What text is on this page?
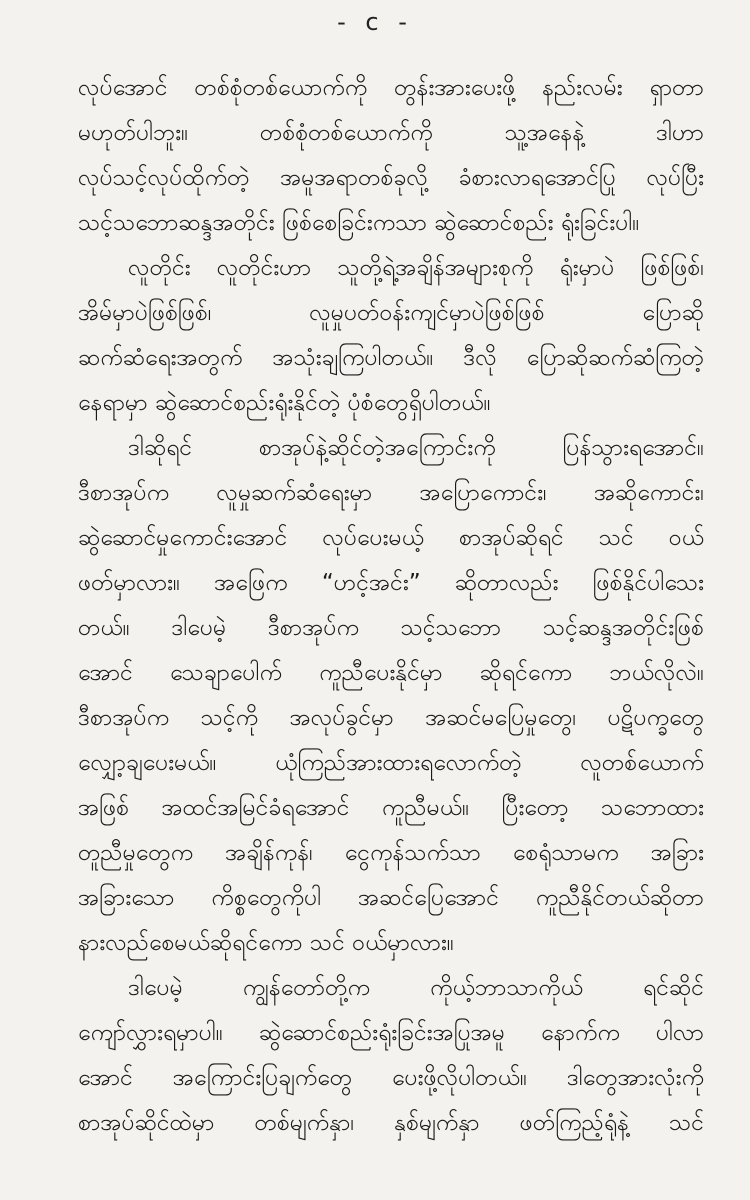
- c -
လုပ်အောင် တစ်စုံတစ်ယောက်ကို တွန်းအားပေးဖို့ နည်းလမ်း ရှာတာ
မဟုတ်ပါဘူး။ တစ်စုံတစ်ယောက်ကို သူ့အနေနဲ့ ဒါဟာ
လုပ်သင့်လုပ်ထိုက်တဲ့ အမူအရာတစ်ခုလို့ ခံစားလာရအောင်ပြု လုပ်ပြီး
သင့်သဘောဆန္ဒအတိုင်း ဖြစ်စေခြင်းကသာ ဆွဲဆောင်စည်း ရုံးခြင်းပါ။
လူတိုင်း လူတိုင်းဟာ သူတို့ရဲ့အချိန်အများစုကို ရုံးမှာပဲ ဖြစ်ဖြစ်၊
အိမ်မှာပဲဖြစ်ဖြစ်၊ လူမှုပတ်ဝန်းကျင်မှာပဲဖြစ်ဖြစ် ပြောဆို
ဆက်ဆံရေးအတွက် အသုံးချကြပါတယ်။ ဒီလို ပြောဆိုဆက်ဆံကြတဲ့
နေရာမှာ ဆွဲဆောင်စည်းရုံးနိုင်တဲ့ ပုံစံတွေရှိပါတယ်။
ဒါဆိုရင် စာအုပ်နဲ့ဆိုင်တဲ့အကြောင်းကို ပြန်သွားရအောင်။
ဒီစာအုပ်က လူမှုဆက်ဆံရေးမှာ အပြောကောင်း၊ အဆိုကောင်း၊
ဆွဲဆောင်မှုကောင်းအောင် လုပ်ပေးမယ့် စာအုပ်ဆိုရင် သင် ဝယ်
ဖတ်မှာလား။ အဖြေက “ဟင့်အင်း” ဆိုတာလည်း ဖြစ်နိုင်ပါသေး
တယ်။ ဒါပေမဲ့ ဒီစာအုပ်က သင့်သဘော သင့်ဆန္ဒအတိုင်းဖြစ်
အောင် သေချာပေါက် ကူညီပေးနိုင်မှာ ဆိုရင်ကော ဘယ်လိုလဲ။
ဒီစာအုပ်က သင့်ကို အလုပ်ခွင်မှာ အဆင်မပြေမှုတွေ၊ ပဋိပက္ခတွေ
လျှော့ချပေးမယ်။ ယုံကြည်အားထားရလောက်တဲ့ လူတစ်ယောက်
အဖြစ် အထင်အမြင်ခံရအောင် ကူညီမယ်။ ပြီးတော့ သဘောထား
တူညီမှုတွေက အချိန်ကုန်၊ ငွေကုန်သက်သာ စေရုံသာမက အခြား
အခြားသော ကိစ္စတွေကိုပါ အဆင်ပြေအောင် ကူညီနိုင်တယ်ဆိုတာ
နားလည်စေမယ်ဆိုရင်ကော သင် ဝယ်မှာလား။
ဒါပေမဲ့ ကျွန်တော်တို့က ကိုယ့်ဘာသာကိုယ် ရင်ဆိုင်
ကျော်လွှားရမှာပါ။ ဆွဲဆောင်စည်းရုံးခြင်းအပြုအမူ နောက်က ပါလာ
အောင် အကြောင်းပြချက်တွေ ပေးဖို့လိုပါတယ်။ ဒါတွေအားလုံးကို
စာအုပ်ဆိုင်ထဲမှာ တစ်မျက်နှာ၊ နှစ်မျက်နှာ ဖတ်ကြည့်ရုံနဲ့ သင်
